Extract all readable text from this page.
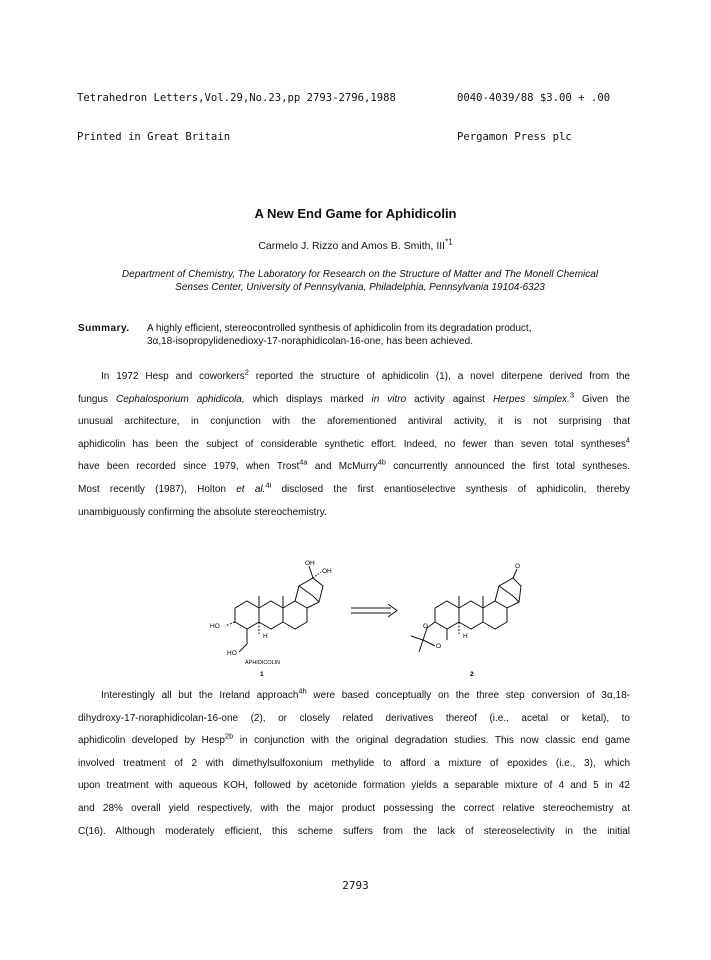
Tetrahedron Letters,Vol.29,No.23,pp 2793-2796,1988	0040-4039/88 $3.00 + .00

Printed in Great Britain	Pergamon Press plc

A New End Game for Aphidicolin
Carmelo J. Rizzo and Amos B. Smith, III$^{*1}$
Department of Chemistry, The Laboratory for Research on the Structure of Matter and The Monell Chemical
Senses Center, University of Pennsylvania, Philadelphia, Pennsylvania 19104-6323
Summary. A highly efficient, stereocontrolled synthesis of aphidicolin from its degradation product,
3α,18-isopropylidenedioxy-17-noraphidicolan-16-one, has been achieved.
In 1972 Hesp and coworkers$^2$ reported the structure of aphidicolin (1), a novel diterpene derived from the
fungus Cephalosporium aphidicola, which displays marked in vitro activity against Herpes simplex.$^3$ Given the
unusual architecture, in conjunction with the aforementioned antiviral activity, it is not surprising that
aphidicolin has been the subject of considerable synthetic effort. Indeed, no fewer than seven total syntheses$^4$
have been recorded since 1979, when Trost$^{4a}$ and McMurry$^{4b}$ concurrently announced the first total syntheses.
Most recently (1987), Holton et al.$^{4i}$ disclosed the first enantioselective synthesis of aphidicolin, thereby
unambiguously confirming the absolute stereochemistry.
OH
OH
HO
HO
H
APHIDICOLIN
1
O
O
O
H
2
Interestingly all but the Ireland approach$^{4h}$ were based conceptually on the three step conversion of 3α,18-
dihydroxy-17-noraphidicolan-16-one (2), or closely related derivatives thereof (i.e., acetal or ketal), to
aphidicolin developed by Hesp$^{2b}$ in conjunction with the original degradation studies. This now classic end game
involved treatment of 2 with dimethylsulfoxonium methylide to afford a mixture of epoxides (i.e., 3), which
upon treatment with aqueous KOH, followed by acetonide formation yields a separable mixture of 4 and 5 in 42
and 28% overall yield respectively, with the major product possessing the correct relative stereochemistry at
C(16). Although moderately efficient, this scheme suffers from the lack of stereoselectivity in the initial
2793
